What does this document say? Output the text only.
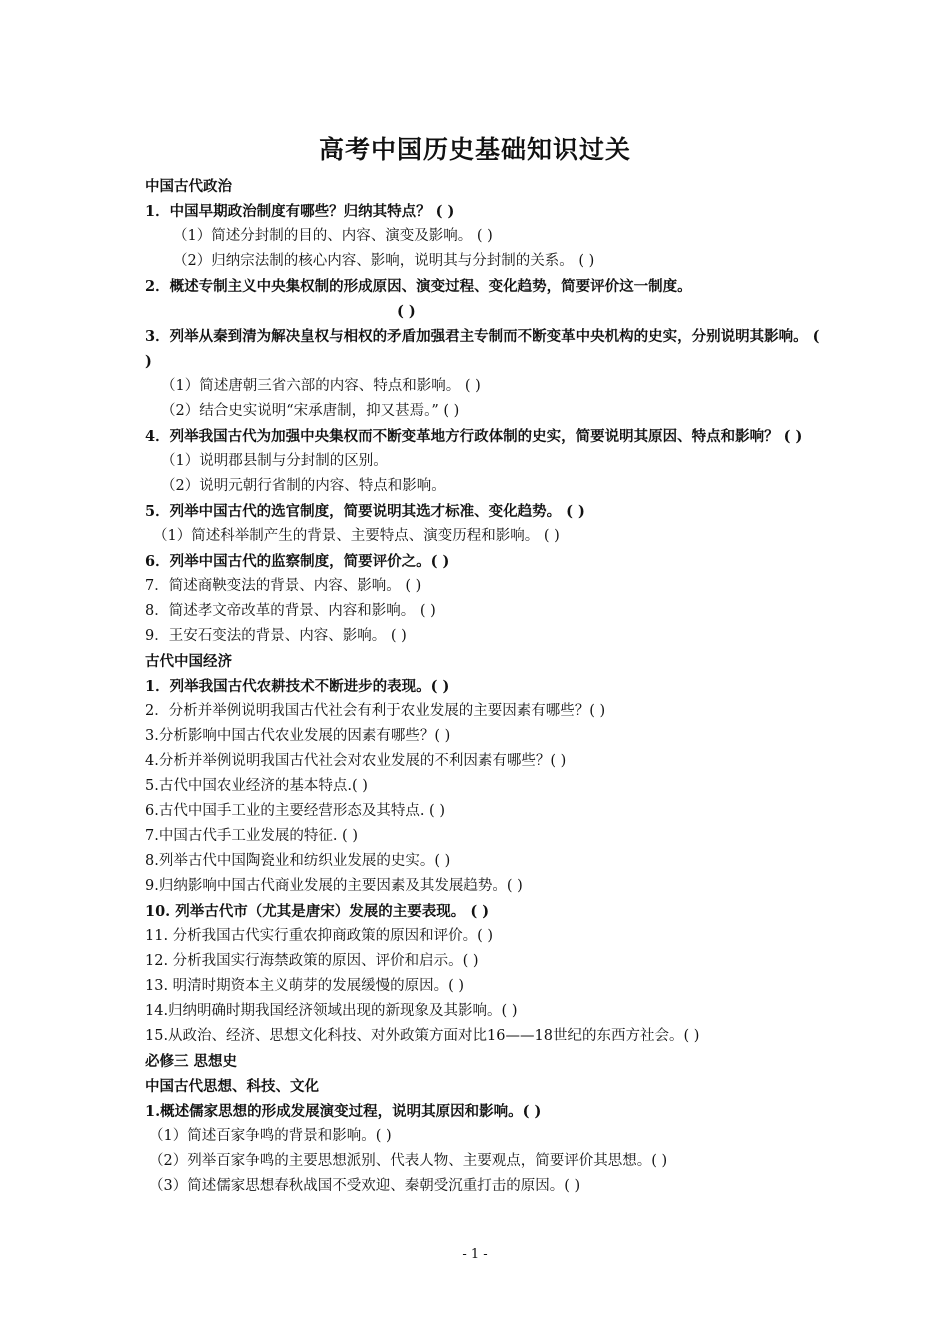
高考中国历史基础知识过关
中国古代政治
1．中国早期政治制度有哪些？归纳其特点？ ( )
（1）简述分封制的目的、内容、演变及影响。 ( )
（2）归纳宗法制的核心内容、影响，说明其与分封制的关系。 ( )
2．概述专制主义中央集权制的形成原因、演变过程、变化趋势，简要评价这一制度。
( )
3．列举从秦到清为解决皇权与相权的矛盾加强君主专制而不断变革中央机构的史实，分别说明其影响。 ( )
（1）简述唐朝三省六部的内容、特点和影响。 ( )
（2）结合史实说明“宋承唐制，抑又甚焉。” ( )
4．列举我国古代为加强中央集权而不断变革地方行政体制的史实，简要说明其原因、特点和影响？ ( )
（1）说明郡县制与分封制的区别。
（2）说明元朝行省制的内容、特点和影响。
5．列举中国古代的选官制度，简要说明其选才标准、变化趋势。 ( )
（1）简述科举制产生的背景、主要特点、演变历程和影响。 ( )
6．列举中国古代的监察制度，简要评价之。( )
7．简述商鞅变法的背景、内容、影响。 ( )
8．简述孝文帝改革的背景、内容和影响。 ( )
9．王安石变法的背景、内容、影响。 ( )
古代中国经济
1．列举我国古代农耕技术不断进步的表现。( )
2．分析并举例说明我国古代社会有利于农业发展的主要因素有哪些？( )
3.分析影响中国古代农业发展的因素有哪些？( )
4.分析并举例说明我国古代社会对农业发展的不利因素有哪些？( )
5.古代中国农业经济的基本特点.( )
6.古代中国手工业的主要经营形态及其特点. ( )
7.中国古代手工业发展的特征. ( )
8.列举古代中国陶瓷业和纺织业发展的史实。( )
9.归纳影响中国古代商业发展的主要因素及其发展趋势。( )
10. 列举古代市（尤其是唐宋）发展的主要表现。 ( )
11. 分析我国古代实行重农抑商政策的原因和评价。( )
12. 分析我国实行海禁政策的原因、评价和启示。( )
13. 明清时期资本主义萌芽的发展缓慢的原因。( )
14.归纳明确时期我国经济领域出现的新现象及其影响。( )
15.从政治、经济、思想文化科技、对外政策方面对比16——18世纪的东西方社会。( )
必修三 思想史
中国古代思想、科技、文化
1.概述儒家思想的形成发展演变过程，说明其原因和影响。( )
（1）简述百家争鸣的背景和影响。( )
（2）列举百家争鸣的主要思想派别、代表人物、主要观点，简要评价其思想。( )
（3）简述儒家思想春秋战国不受欢迎、秦朝受沉重打击的原因。( )
- 1 -
